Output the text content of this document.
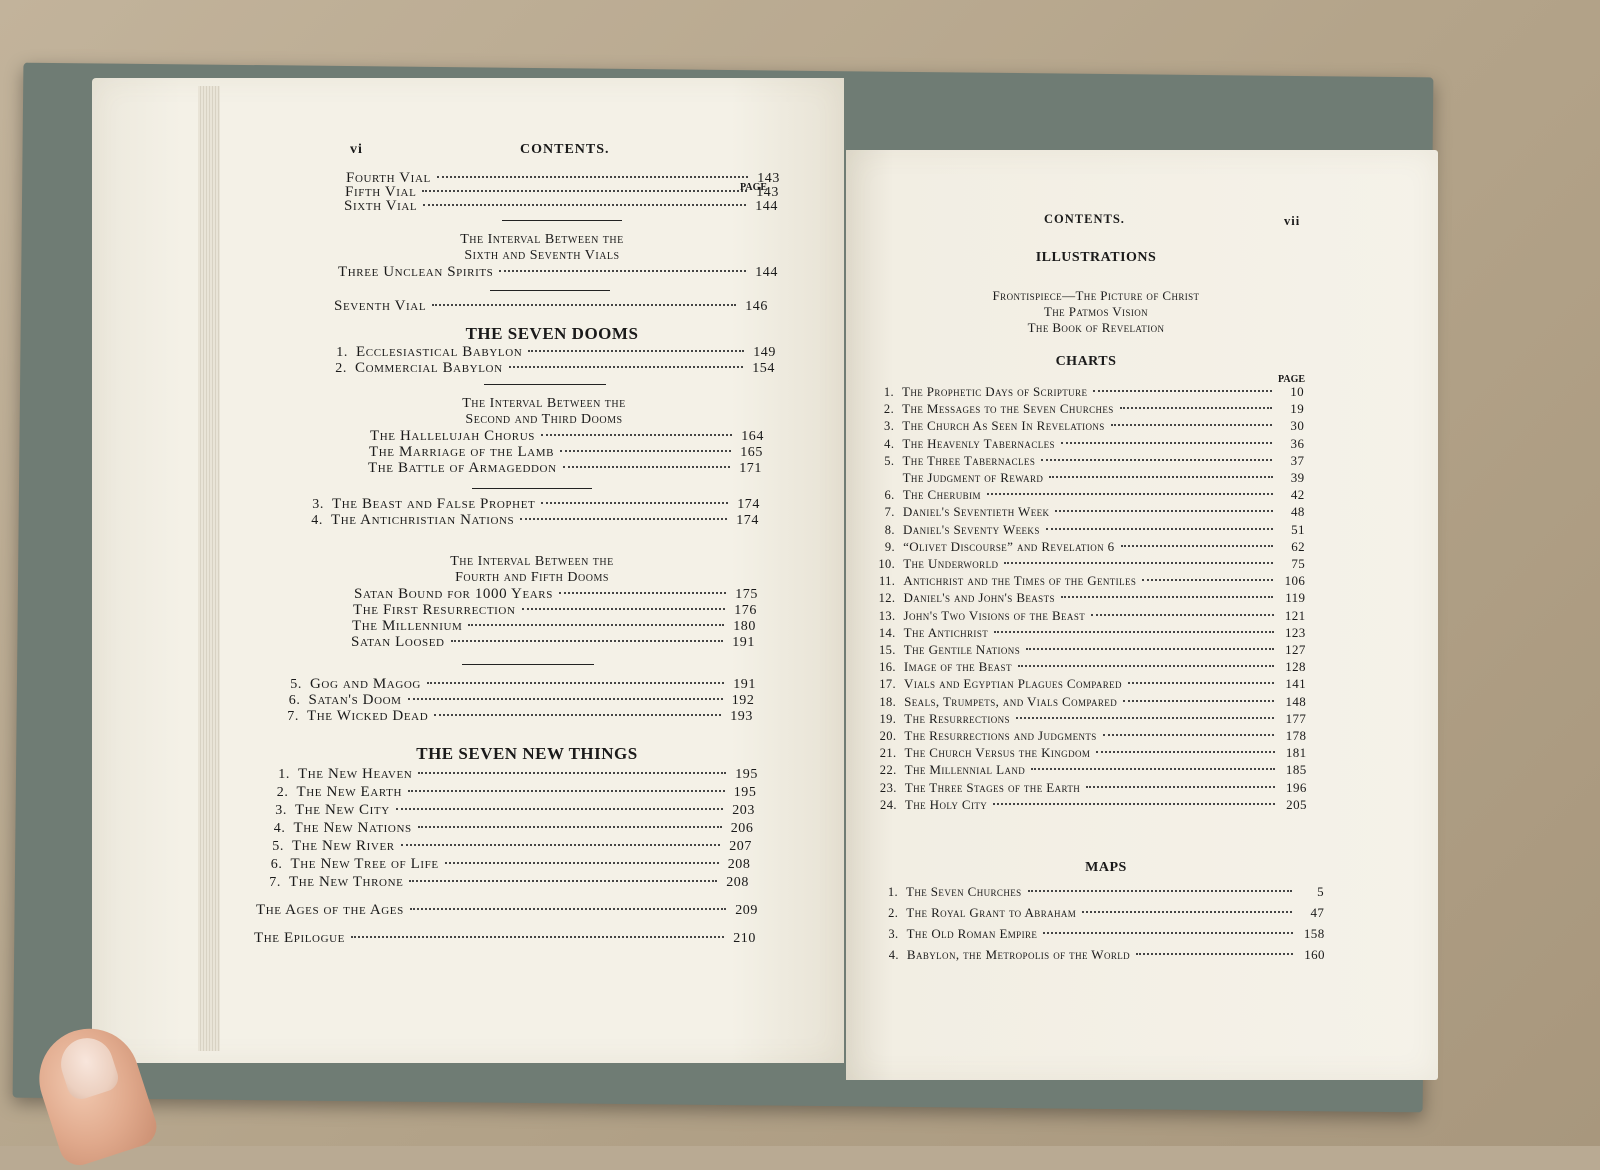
vi	CONTENTS.
PAGE
Fourth Vial	143
Fifth Vial	143
Sixth Vial	144
The Interval Between the
Sixth and Seventh Vials
Three Unclean Spirits	144
Seventh Vial	146
THE SEVEN DOOMS
1. Ecclesiastical Babylon	149
2. Commercial Babylon	154
The Interval Between the
Second and Third Dooms
The Hallelujah Chorus	164
The Marriage of the Lamb	165
The Battle of Armageddon	171
3. The Beast and False Prophet	174
4. The Antichristian Nations	174
The Interval Between the
Fourth and Fifth Dooms
Satan Bound for 1000 Years	175
The First Resurrection	176
The Millennium	180
Satan Loosed	191
5. Gog and Magog	191
6. Satan's Doom	192
7. The Wicked Dead	193
THE SEVEN NEW THINGS
1. The New Heaven	195
2. The New Earth	195
3. The New City	203
4. The New Nations	206
5. The New River	207
6. The New Tree of Life	208
7. The New Throne	208
The Ages of the Ages	209
The Epilogue	210
CONTENTS.	vii
ILLUSTRATIONS
Frontispiece—The Picture of Christ
The Patmos Vision
The Book of Revelation
CHARTS
PAGE
1. The Prophetic Days of Scripture	10
2. The Messages to the Seven Churches	19
3. The Church As Seen In Revelations	30
4. The Heavenly Tabernacles	36
5. The Three Tabernacles	37
The Judgment of Reward	39
6. The Cherubim	42
7. Daniel's Seventieth Week	48
8. Daniel's Seventy Weeks	51
9. “Olivet Discourse” and Revelation 6	62
10. The Underworld	75
11. Antichrist and the Times of the Gentiles	106
12. Daniel's and John's Beasts	119
13. John's Two Visions of the Beast	121
14. The Antichrist	123
15. The Gentile Nations	127
16. Image of the Beast	128
17. Vials and Egyptian Plagues Compared	141
18. Seals, Trumpets, and Vials Compared	148
19. The Resurrections	177
20. The Resurrections and Judgments	178
21. The Church Versus the Kingdom	181
22. The Millennial Land	185
23. The Three Stages of the Earth	196
24. The Holy City	205
MAPS
1. The Seven Churches	5
2. The Royal Grant to Abraham	47
3. The Old Roman Empire	158
4. Babylon, the Metropolis of the World	160
